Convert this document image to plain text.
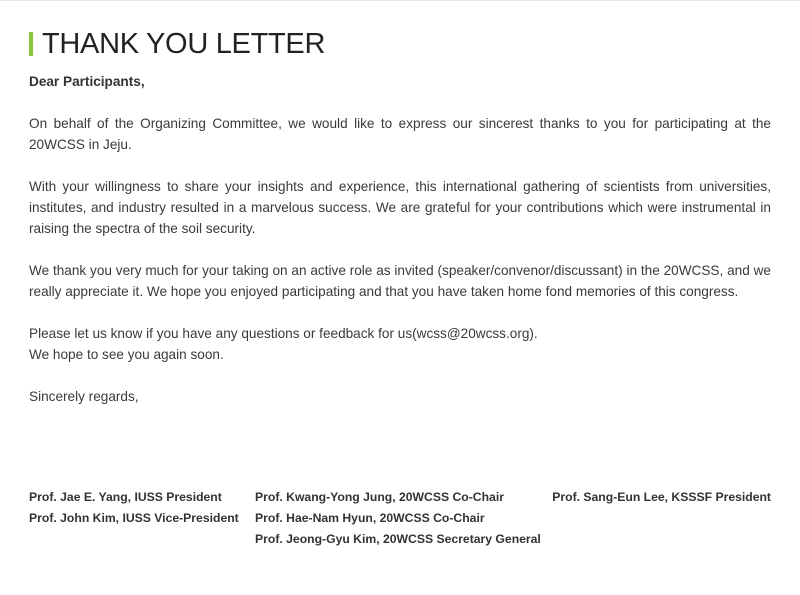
THANK YOU LETTER

Dear Participants,

On behalf of the Organizing Committee, we would like to express our sincerest thanks to you for participating at the 20WCSS in Jeju.

With your willingness to share your insights and experience, this international gathering of scientists from universities, institutes, and industry resulted in a marvelous success. We are grateful for your contributions which were instrumental in raising the spectra of the soil security.

We thank you very much for your taking on an active role as invited (speaker/convenor/discussant) in the 20WCSS, and we really appreciate it. We hope you enjoyed participating and that you have taken home fond memories of this congress.

Please let us know if you have any questions or feedback for us(wcss@20wcss.org).
We hope to see you again soon.

Sincerely regards,

Prof. Jae E. Yang, IUSS President
Prof. John Kim, IUSS Vice-President
Prof. Kwang-Yong Jung, 20WCSS Co-Chair
Prof. Hae-Nam Hyun, 20WCSS Co-Chair
Prof. Jeong-Gyu Kim, 20WCSS Secretary General
Prof. Sang-Eun Lee, KSSSF President
